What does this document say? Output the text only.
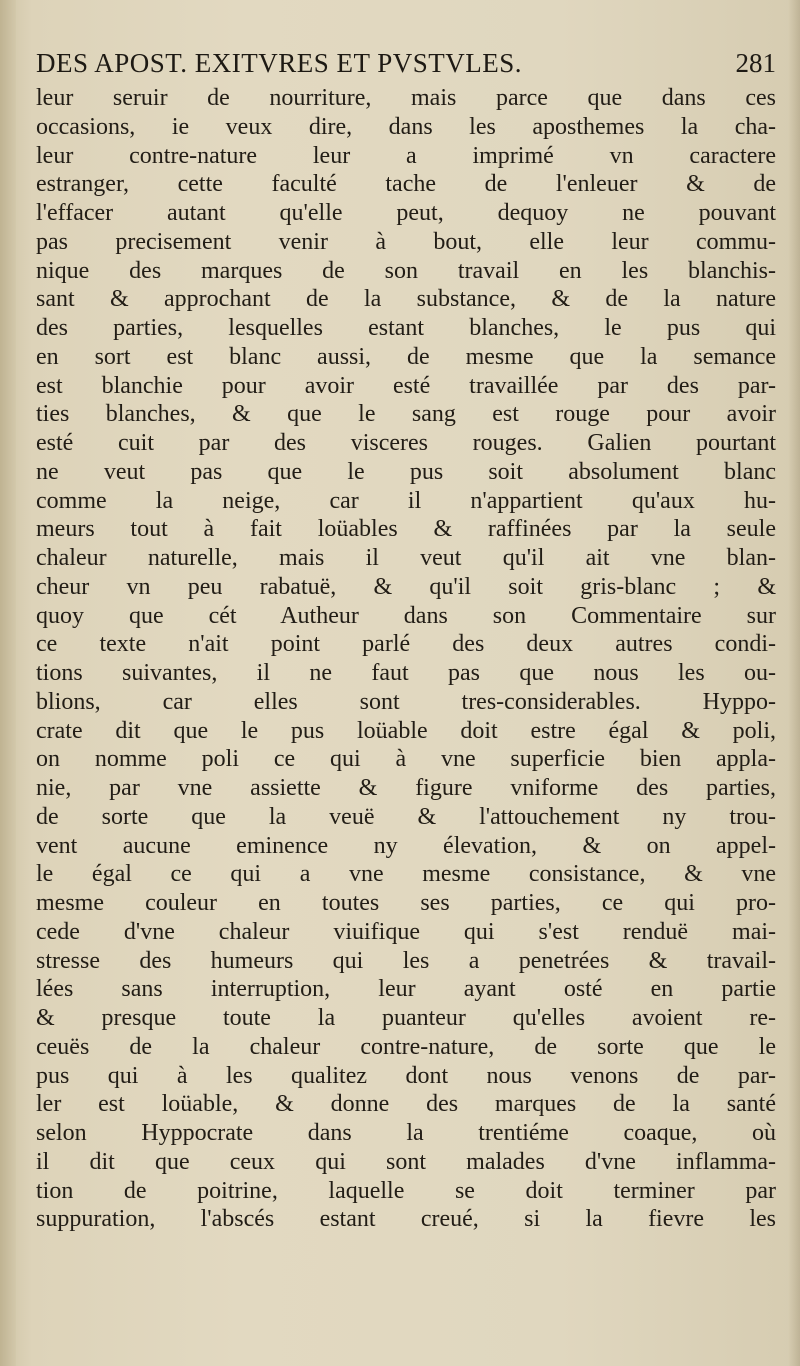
DES APOST. EXITVRES ET PVSTVLES.	281
leur seruir de nourriture, mais parce que dans ces
occasions, ie veux dire, dans les aposthemes la cha-
leur contre-nature leur a imprimé vn caractere
estranger, cette faculté tache de l'enleuer & de
l'effacer autant qu'elle peut, dequoy ne pouvant
pas precisement venir à bout, elle leur commu-
nique des marques de son travail en les blanchis-
sant & approchant de la substance, & de la nature
des parties, lesquelles estant blanches, le pus qui
en sort est blanc aussi, de mesme que la semance
est blanchie pour avoir esté travaillée par des par-
ties blanches, & que le sang est rouge pour avoir
esté cuit par des visceres rouges. Galien pourtant
ne veut pas que le pus soit absolument blanc
comme la neige, car il n'appartient qu'aux hu-
meurs tout à fait loüables & raffinées par la seule
chaleur naturelle, mais il veut qu'il ait vne blan-
cheur vn peu rabatuë, & qu'il soit gris-blanc ; &
quoy que cét Autheur dans son Commentaire sur
ce texte n'ait point parlé des deux autres condi-
tions suivantes, il ne faut pas que nous les ou-
blions, car elles sont tres-considerables. Hyppo-
crate dit que le pus loüable doit estre égal & poli,
on nomme poli ce qui à vne superficie bien appla-
nie, par vne assiette & figure vniforme des parties,
de sorte que la veuë & l'attouchement ny trou-
vent aucune eminence ny élevation, & on appel-
le égal ce qui a vne mesme consistance, & vne
mesme couleur en toutes ses parties, ce qui pro-
cede d'vne chaleur viuifique qui s'est renduë mai-
stresse des humeurs qui les a penetrées & travail-
lées sans interruption, leur ayant osté en partie
& presque toute la puanteur qu'elles avoient re-
ceuës de la chaleur contre-nature, de sorte que le
pus qui à les qualitez dont nous venons de par-
ler est loüable, & donne des marques de la santé
selon Hyppocrate dans la trentiéme coaque, où
il dit que ceux qui sont malades d'vne inflamma-
tion de poitrine, laquelle se doit terminer par
suppuration, l'abscés estant creué, si la fievre les
